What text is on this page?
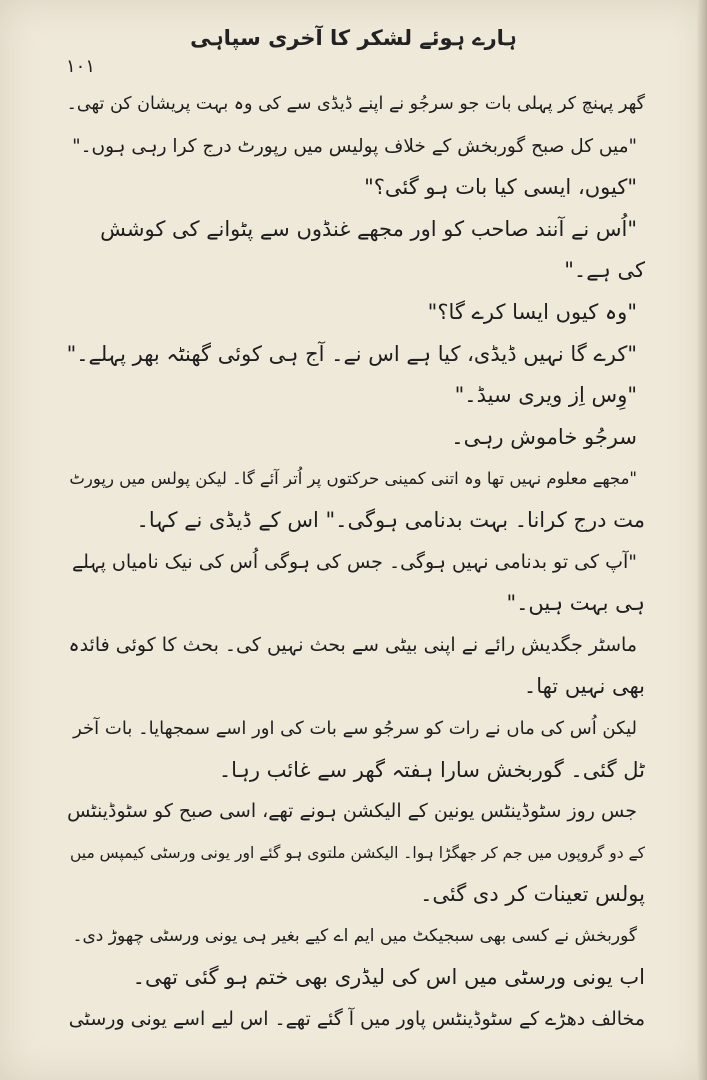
ہارے ہوئے لشکر کا آخری سپاہی
۱۰۱
گھر پہنچ کر پہلی بات جو سرجُو نے اپنے ڈیڈی سے کی وہ بہت پریشان کن تھی۔
"میں کل صبح گوربخش کے خلاف پولیس میں رپورٹ درج کرا رہی ہوں۔"
"کیوں، ایسی کیا بات ہو گئی؟"
"اُس نے آنند صاحب کو اور مجھے غنڈوں سے پٹوانے کی کوشش
کی ہے۔"
"وہ کیوں ایسا کرے گا؟"
"کرے گا نہیں ڈیڈی، کیا ہے اس نے۔ آج ہی کوئی گھنٹہ بھر پہلے۔"
"وِس اِز ویری سیڈ۔"
سرجُو خاموش رہی۔
"مجھے معلوم نہیں تھا وہ اتنی کمینی حرکتوں پر اُتر آئے گا۔ لیکن پولس میں رپورٹ
مت درج کرانا۔ بہت بدنامی ہوگی۔" اس کے ڈیڈی نے کہا۔
"آپ کی تو بدنامی نہیں ہوگی۔ جس کی ہوگی اُس کی نیک نامیاں پہلے
ہی بہت ہیں۔"
ماسٹر جگدیش رائے نے اپنی بیٹی سے بحث نہیں کی۔ بحث کا کوئی فائدہ
بھی نہیں تھا۔
لیکن اُس کی ماں نے رات کو سرجُو سے بات کی اور اسے سمجھایا۔ بات آخر
ٹل گئی۔ گوربخش سارا ہفتہ گھر سے غائب رہا۔
جس روز سٹوڈینٹس یونین کے الیکشن ہونے تھے، اسی صبح کو سٹوڈینٹس
کے دو گروپوں میں جم کر جھگڑا ہوا۔ الیکشن ملتوی ہو گئے اور یونی ورسٹی کیمپس میں
پولس تعینات کر دی گئی۔
گوربخش نے کسی بھی سبجیکٹ میں ایم اے کیے بغیر ہی یونی ورسٹی چھوڑ دی۔
اب یونی ورسٹی میں اس کی لیڈری بھی ختم ہو گئی تھی۔
مخالف دھڑے کے سٹوڈینٹس پاور میں آ گئے تھے۔ اس لیے اسے یونی ورسٹی
